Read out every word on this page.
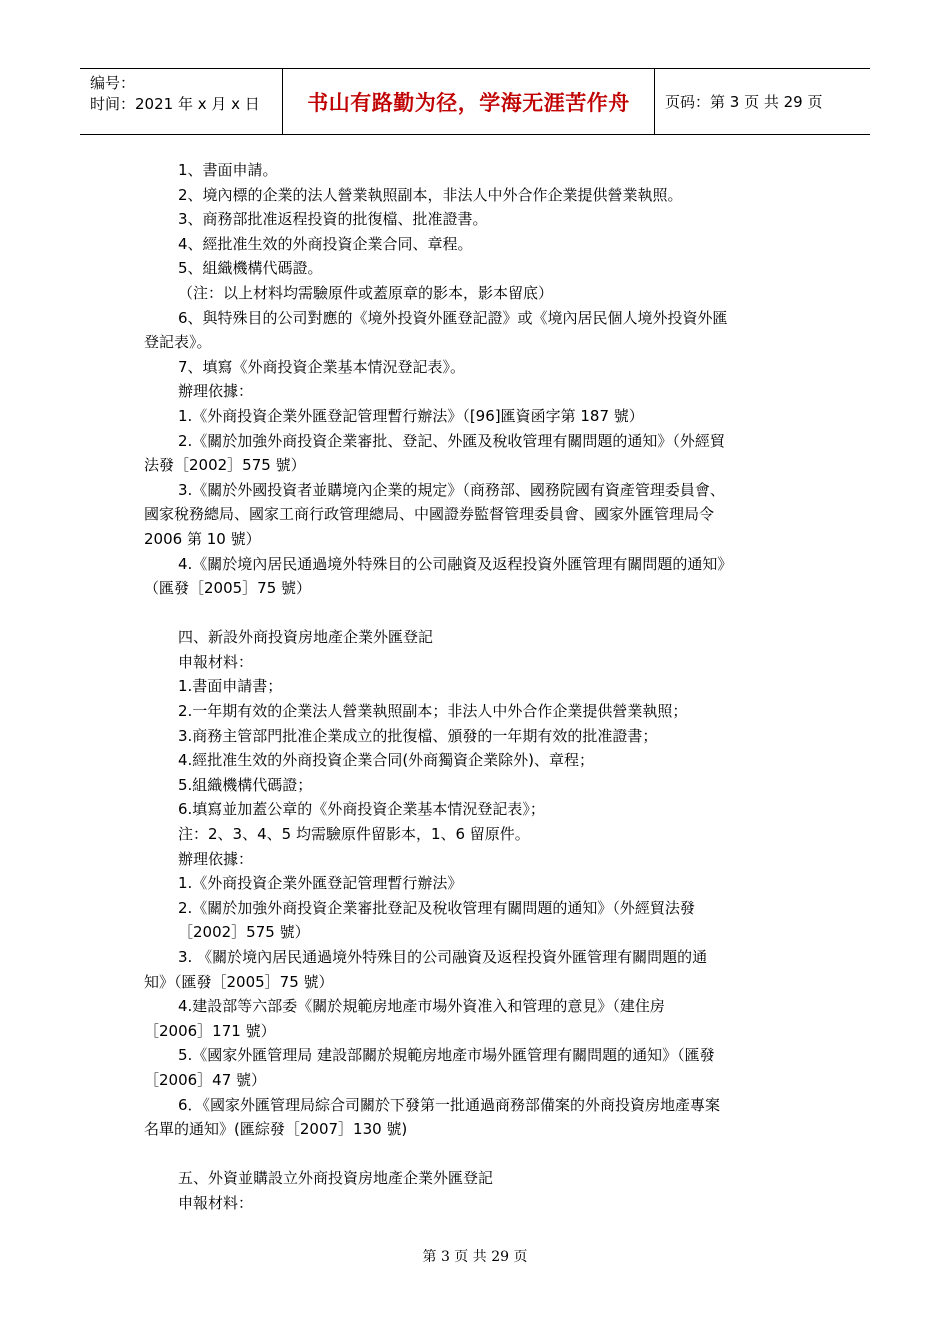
编号：
时间：2021 年 x 月 x 日	书山有路勤为径，学海无涯苦作舟	页码：第 3 页 共 29 页
1、書面申請。
2、境內標的企業的法人營業執照副本，非法人中外合作企業提供營業執照。
3、商務部批准返程投資的批復檔、批准證書。
4、經批准生效的外商投資企業合同、章程。
5、組織機構代碼證。
（注：以上材料均需驗原件或蓋原章的影本，影本留底）
6、與特殊目的公司對應的《境外投資外匯登記證》或《境內居民個人境外投資外匯
登記表》。
7、填寫《外商投資企業基本情況登記表》。
辦理依據：
1.《外商投資企業外匯登記管理暫行辦法》（[96]匯資函字第 187 號）
2.《關於加強外商投資企業審批、登記、外匯及稅收管理有關問題的通知》（外經貿
法發［2002］575 號）
3.《關於外國投資者並購境內企業的規定》（商務部、國務院國有資產管理委員會、
國家稅務總局、國家工商行政管理總局、中國證券監督管理委員會、國家外匯管理局令
2006 第 10 號）
4.《關於境內居民通過境外特殊目的公司融資及返程投資外匯管理有關問題的通知》
（匯發［2005］75 號）
四、新設外商投資房地產企業外匯登記
申報材料：
1.書面申請書；
2.一年期有效的企業法人營業執照副本；非法人中外合作企業提供營業執照；
3.商務主管部門批准企業成立的批復檔、頒發的一年期有效的批准證書；
4.經批准生效的外商投資企業合同(外商獨資企業除外)、章程；
5.組織機構代碼證；
6.填寫並加蓋公章的《外商投資企業基本情況登記表》；
注：2、3、4、5 均需驗原件留影本，1、6 留原件。
辦理依據：
1.《外商投資企業外匯登記管理暫行辦法》
2.《關於加強外商投資企業審批登記及稅收管理有關問題的通知》（外經貿法發
［2002］575 號）
3. 《關於境內居民通過境外特殊目的公司融資及返程投資外匯管理有關問題的通
知》（匯發［2005］75 號）
4.建設部等六部委《關於規範房地產市場外資准入和管理的意見》（建住房
［2006］171 號）
5.《國家外匯管理局 建設部關於規範房地產市場外匯管理有關問題的通知》（匯發
［2006］47 號）
6．《國家外匯管理局綜合司關於下發第一批通過商務部備案的外商投資房地產專案
名單的通知》(匯綜發［2007］130 號)
五、外資並購設立外商投資房地產企業外匯登記
申報材料：
第 3 页 共 29 页
